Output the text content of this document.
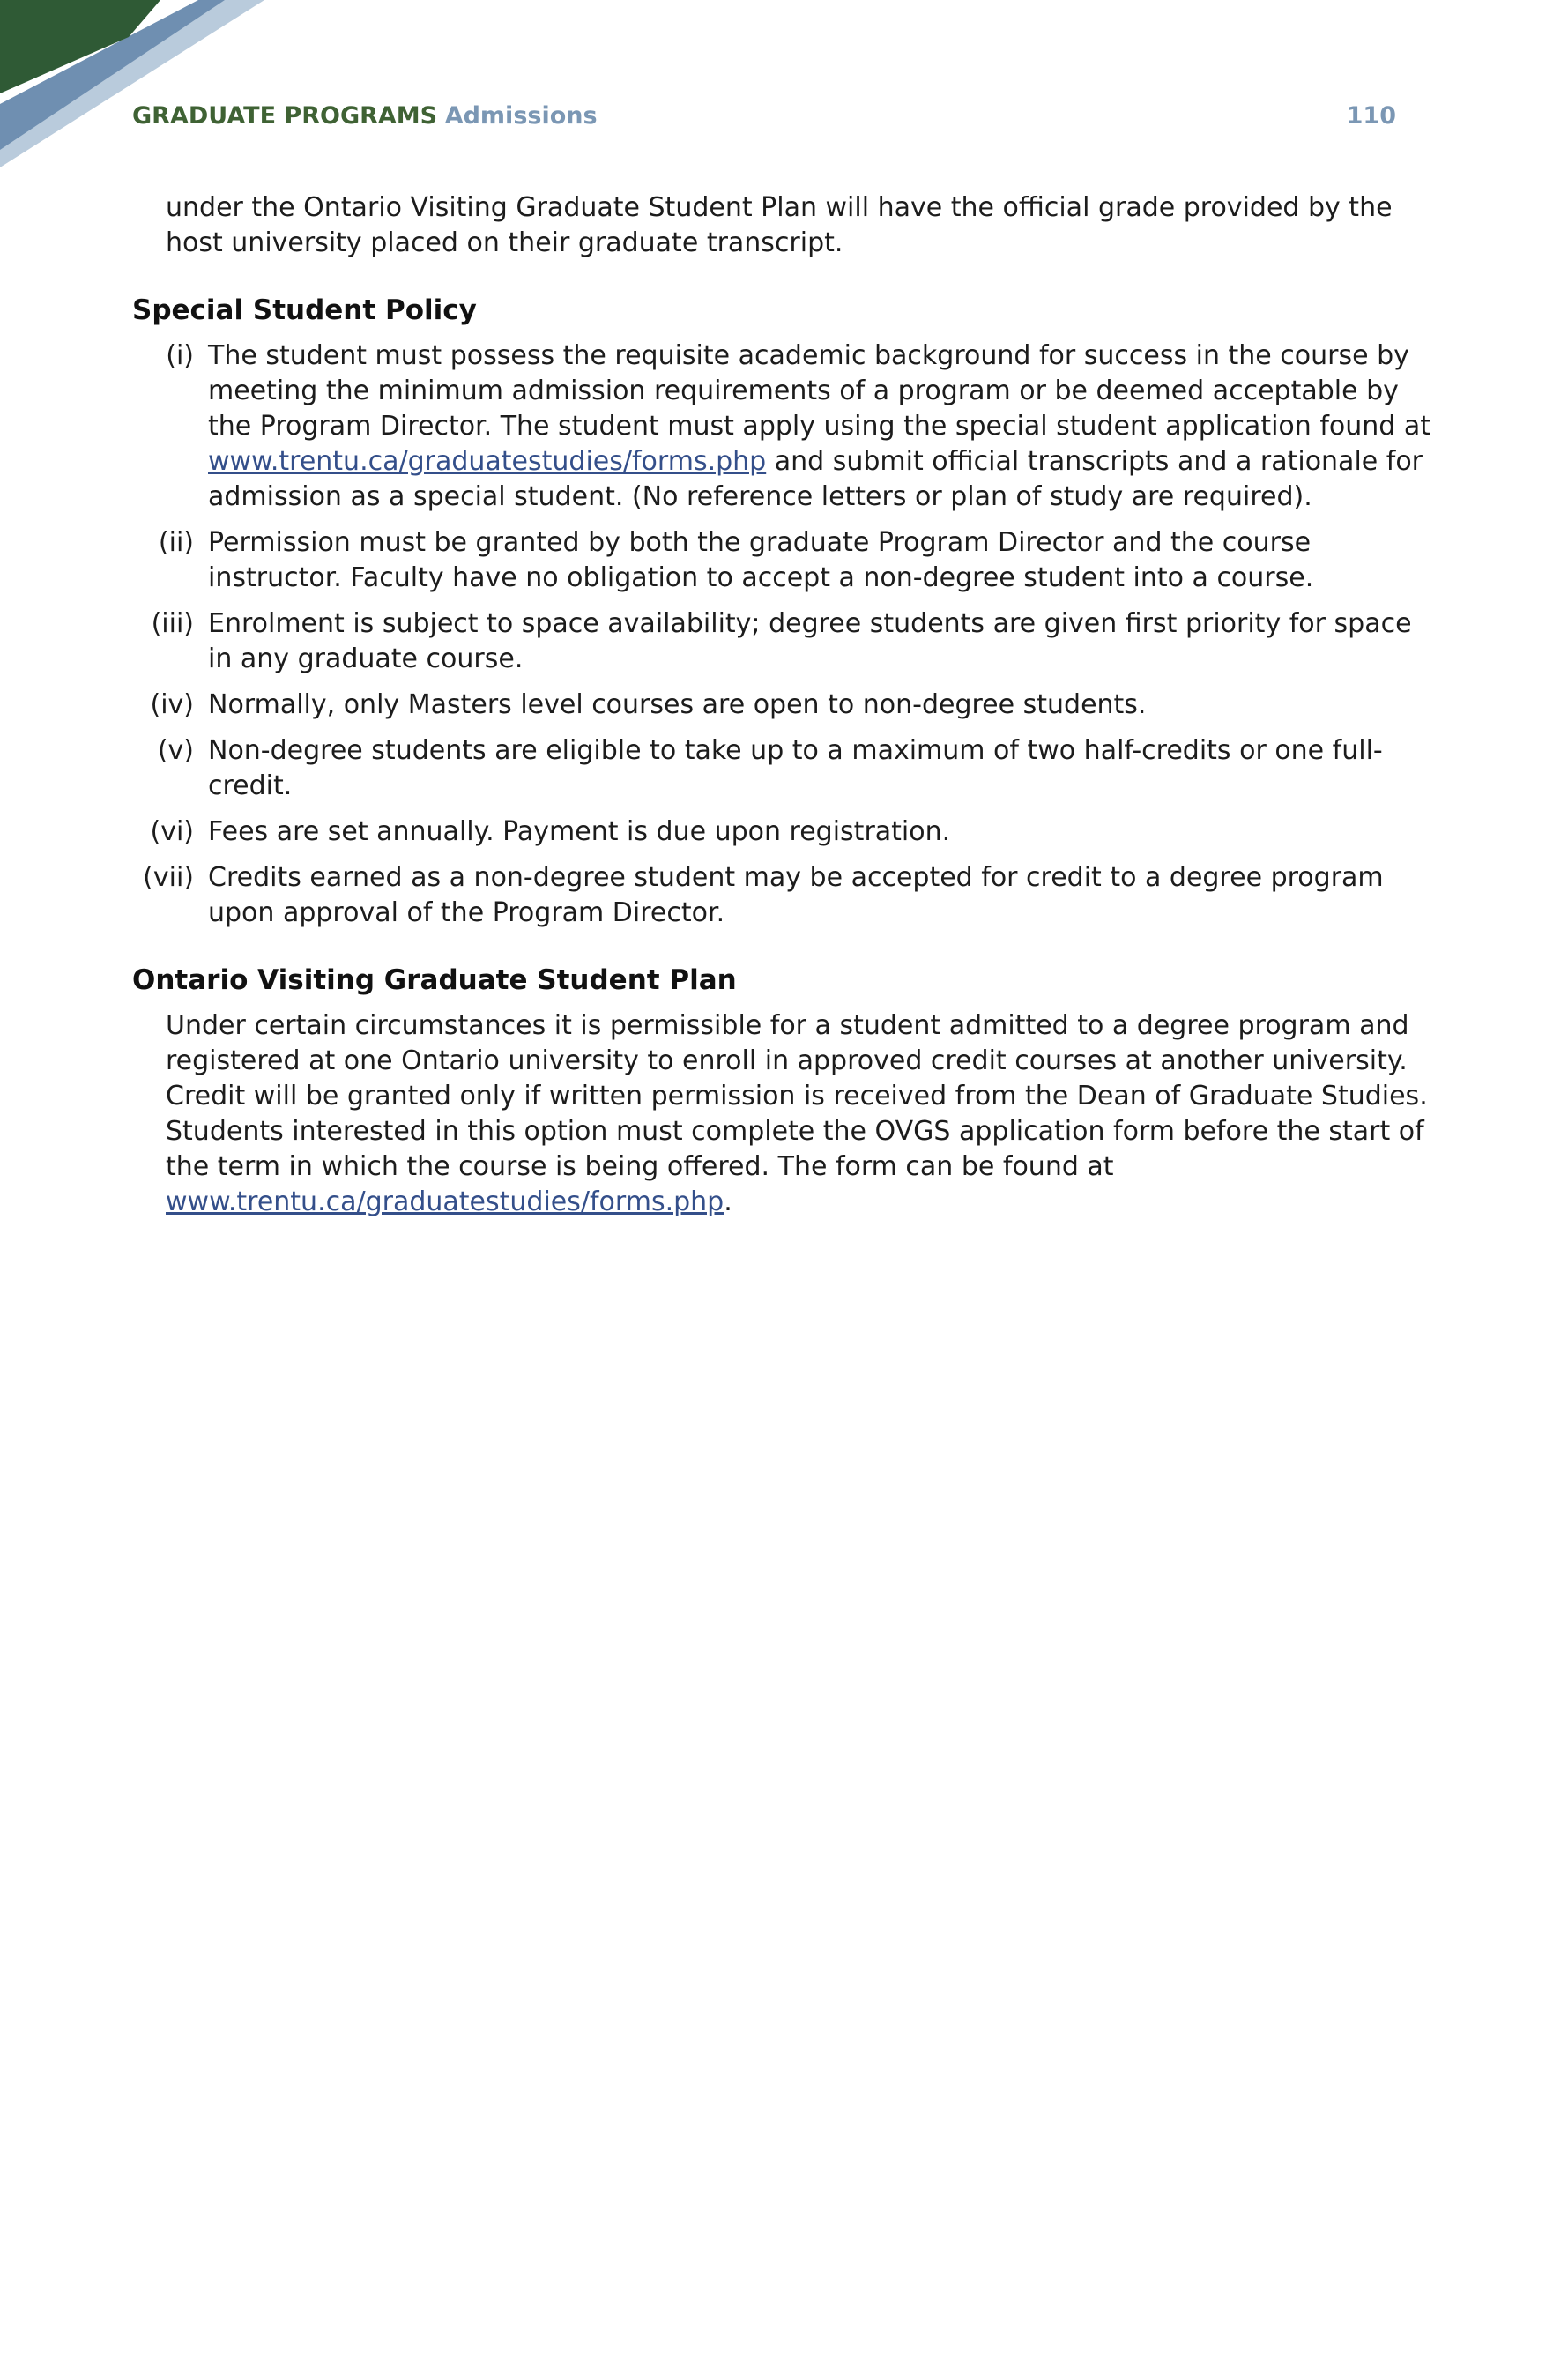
GRADUATE PROGRAMS Admissions	110

under the Ontario Visiting Graduate Student Plan will have the official grade provided by the host university placed on their graduate transcript.

Special Student Policy
(i) The student must possess the requisite academic background for success in the course by meeting the minimum admission requirements of a program or be deemed acceptable by the Program Director. The student must apply using the special student application found at www.trentu.ca/graduatestudies/forms.php and submit official transcripts and a rationale for admission as a special student. (No reference letters or plan of study are required).
(ii) Permission must be granted by both the graduate Program Director and the course instructor. Faculty have no obligation to accept a non-degree student into a course.
(iii) Enrolment is subject to space availability; degree students are given first priority for space in any graduate course.
(iv) Normally, only Masters level courses are open to non-degree students.
(v) Non-degree students are eligible to take up to a maximum of two half-credits or one full-credit.
(vi) Fees are set annually. Payment is due upon registration.
(vii) Credits earned as a non-degree student may be accepted for credit to a degree program upon approval of the Program Director.
Ontario Visiting Graduate Student Plan

Under certain circumstances it is permissible for a student admitted to a degree program and registered at one Ontario university to enroll in approved credit courses at another university. Credit will be granted only if written permission is received from the Dean of Graduate Studies. Students interested in this option must complete the OVGS application form before the start of the term in which the course is being offered. The form can be found at www.trentu.ca/graduatestudies/forms.php.
